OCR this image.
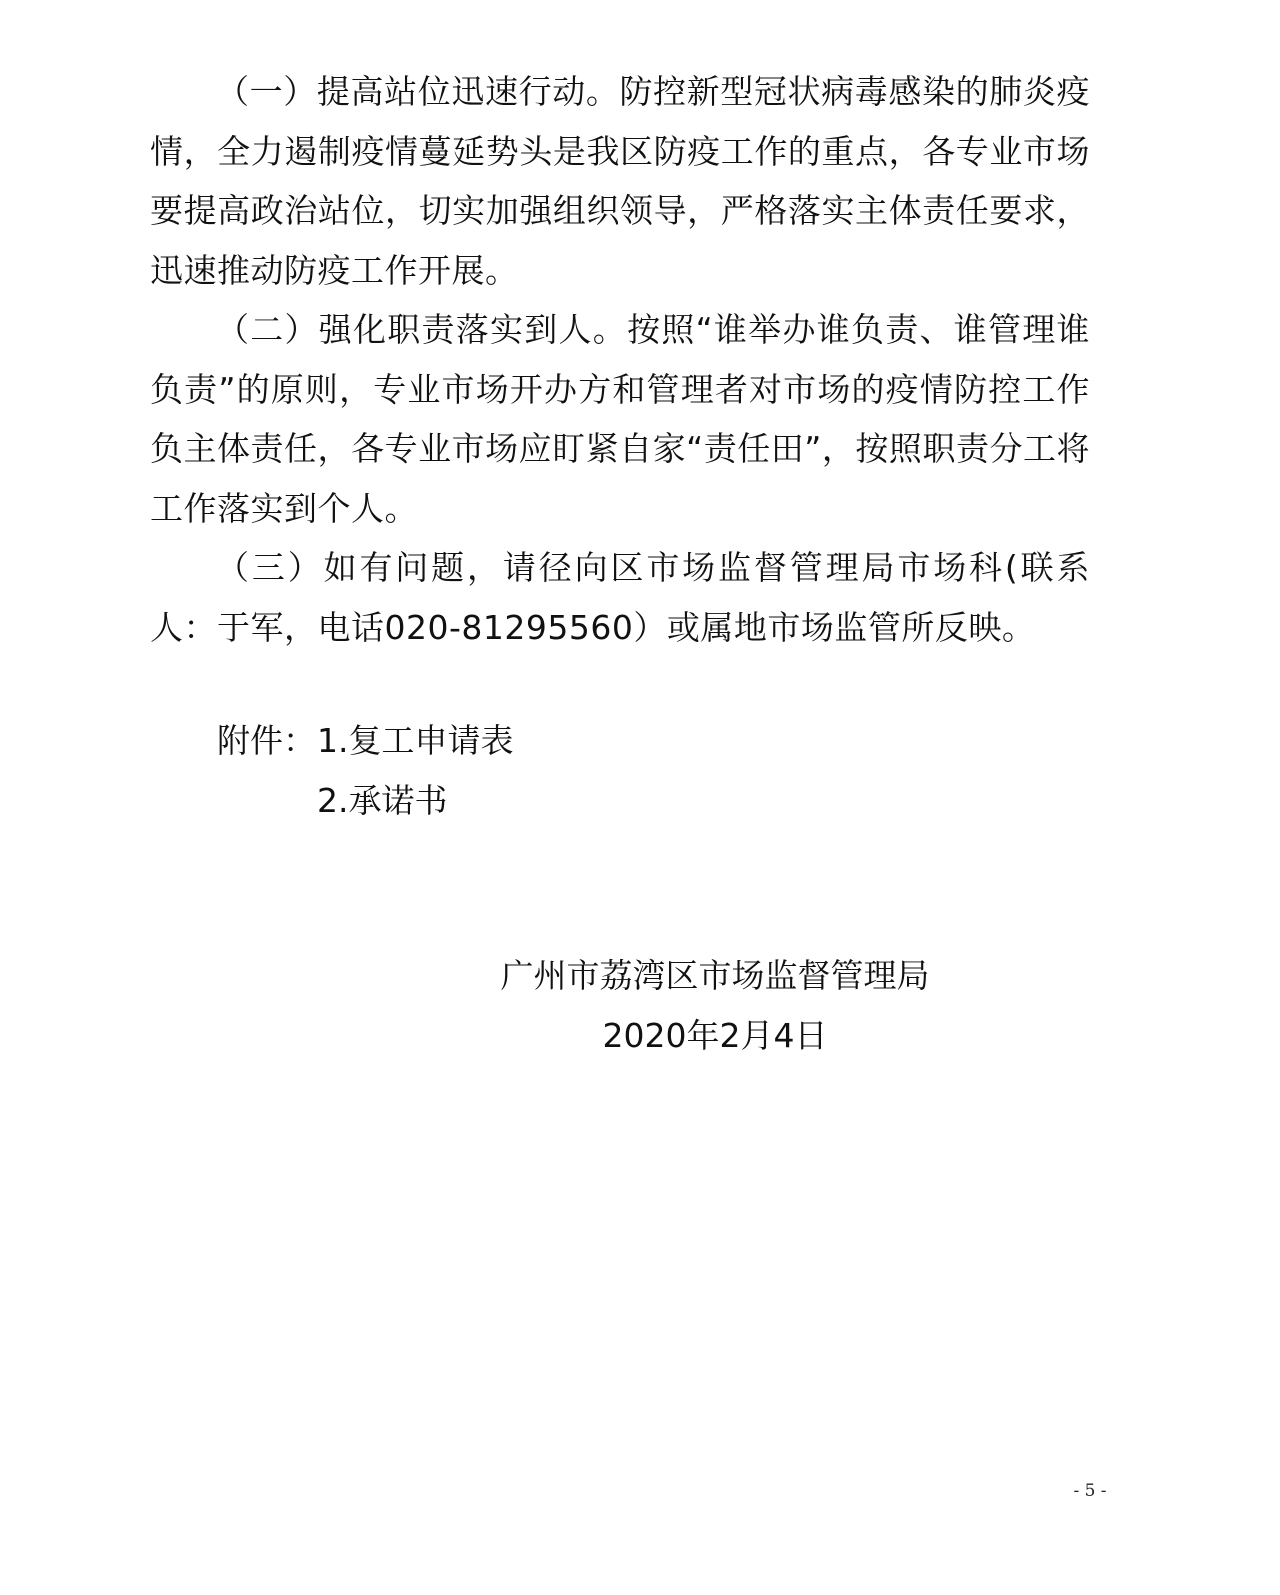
（一）提高站位迅速行动。防控新型冠状病毒感染的肺炎疫情，全力遏制疫情蔓延势头是我区防疫工作的重点，各专业市场要提高政治站位，切实加强组织领导，严格落实主体责任要求，迅速推动防疫工作开展。

（二）强化职责落实到人。按照“谁举办谁负责、谁管理谁负责”的原则，专业市场开办方和管理者对市场的疫情防控工作负主体责任，各专业市场应盯紧自家“责任田”，按照职责分工将工作落实到个人。

（三）如有问题，请径向区市场监督管理局市场科(联系人：于军，电话020-81295560）或属地市场监管所反映。

附件：1.复工申请表
2.承诺书
广州市荔湾区市场监督管理局
2020年2月4日
- 5 -
